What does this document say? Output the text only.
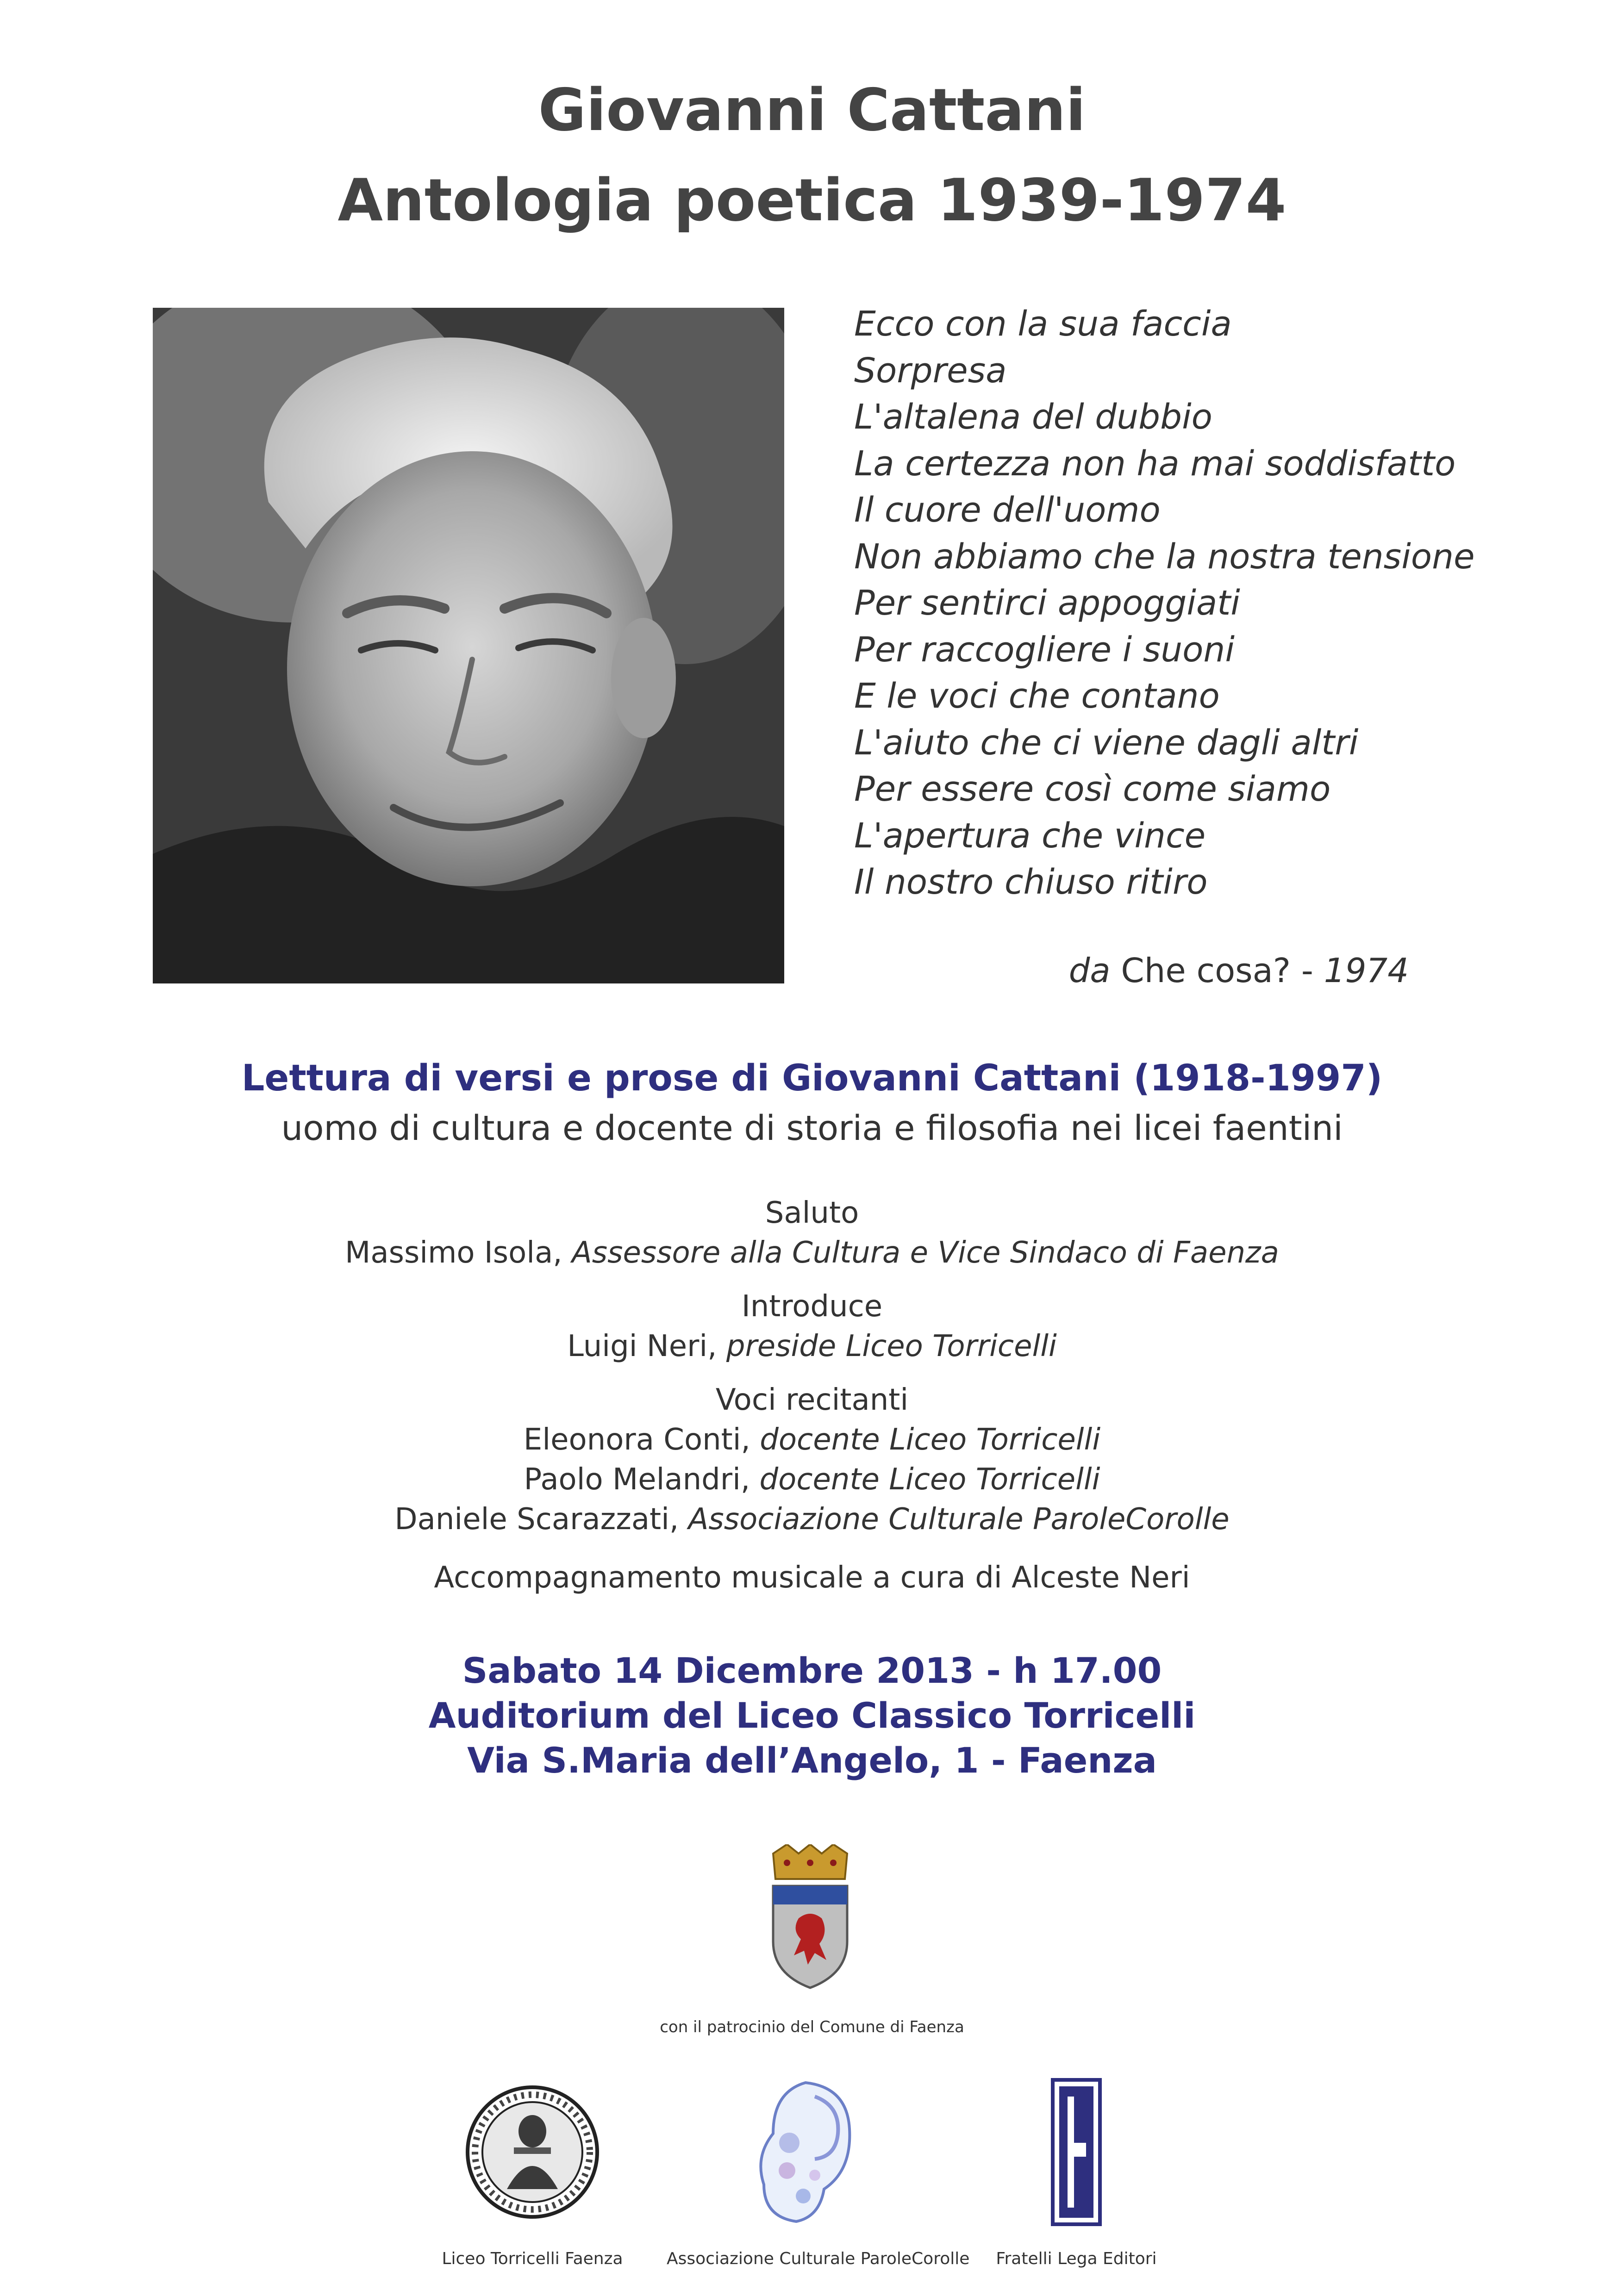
Giovanni Cattani
Antologia poetica 1939-1974
Ecco con la sua faccia
Sorpresa
L'altalena del dubbio
La certezza non ha mai soddisfatto
Il cuore dell'uomo
Non abbiamo che la nostra tensione
Per sentirci appoggiati
Per raccogliere i suoni
E le voci che contano
L'aiuto che ci viene dagli altri
Per essere così come siamo
L'apertura che vince
Il nostro chiuso ritiro
da Che cosa? - 1974
Lettura di versi e prose di Giovanni Cattani (1918-1997)
uomo di cultura e docente di storia e filosofia nei licei faentini
Saluto
Massimo Isola, Assessore alla Cultura e Vice Sindaco di Faenza
Introduce
Luigi Neri, preside Liceo Torricelli
Voci recitanti
Eleonora Conti, docente Liceo Torricelli
Paolo Melandri, docente Liceo Torricelli
Daniele Scarazzati, Associazione Culturale ParoleCorolle
Accompagnamento musicale a cura di Alceste Neri
Sabato 14 Dicembre 2013 - h 17.00
Auditorium del Liceo Classico Torricelli
Via S.Maria dell’Angelo, 1 - Faenza
con il patrocinio del Comune di Faenza
Liceo Torricelli Faenza	Associazione Culturale ParoleCorolle	Fratelli Lega Editori
